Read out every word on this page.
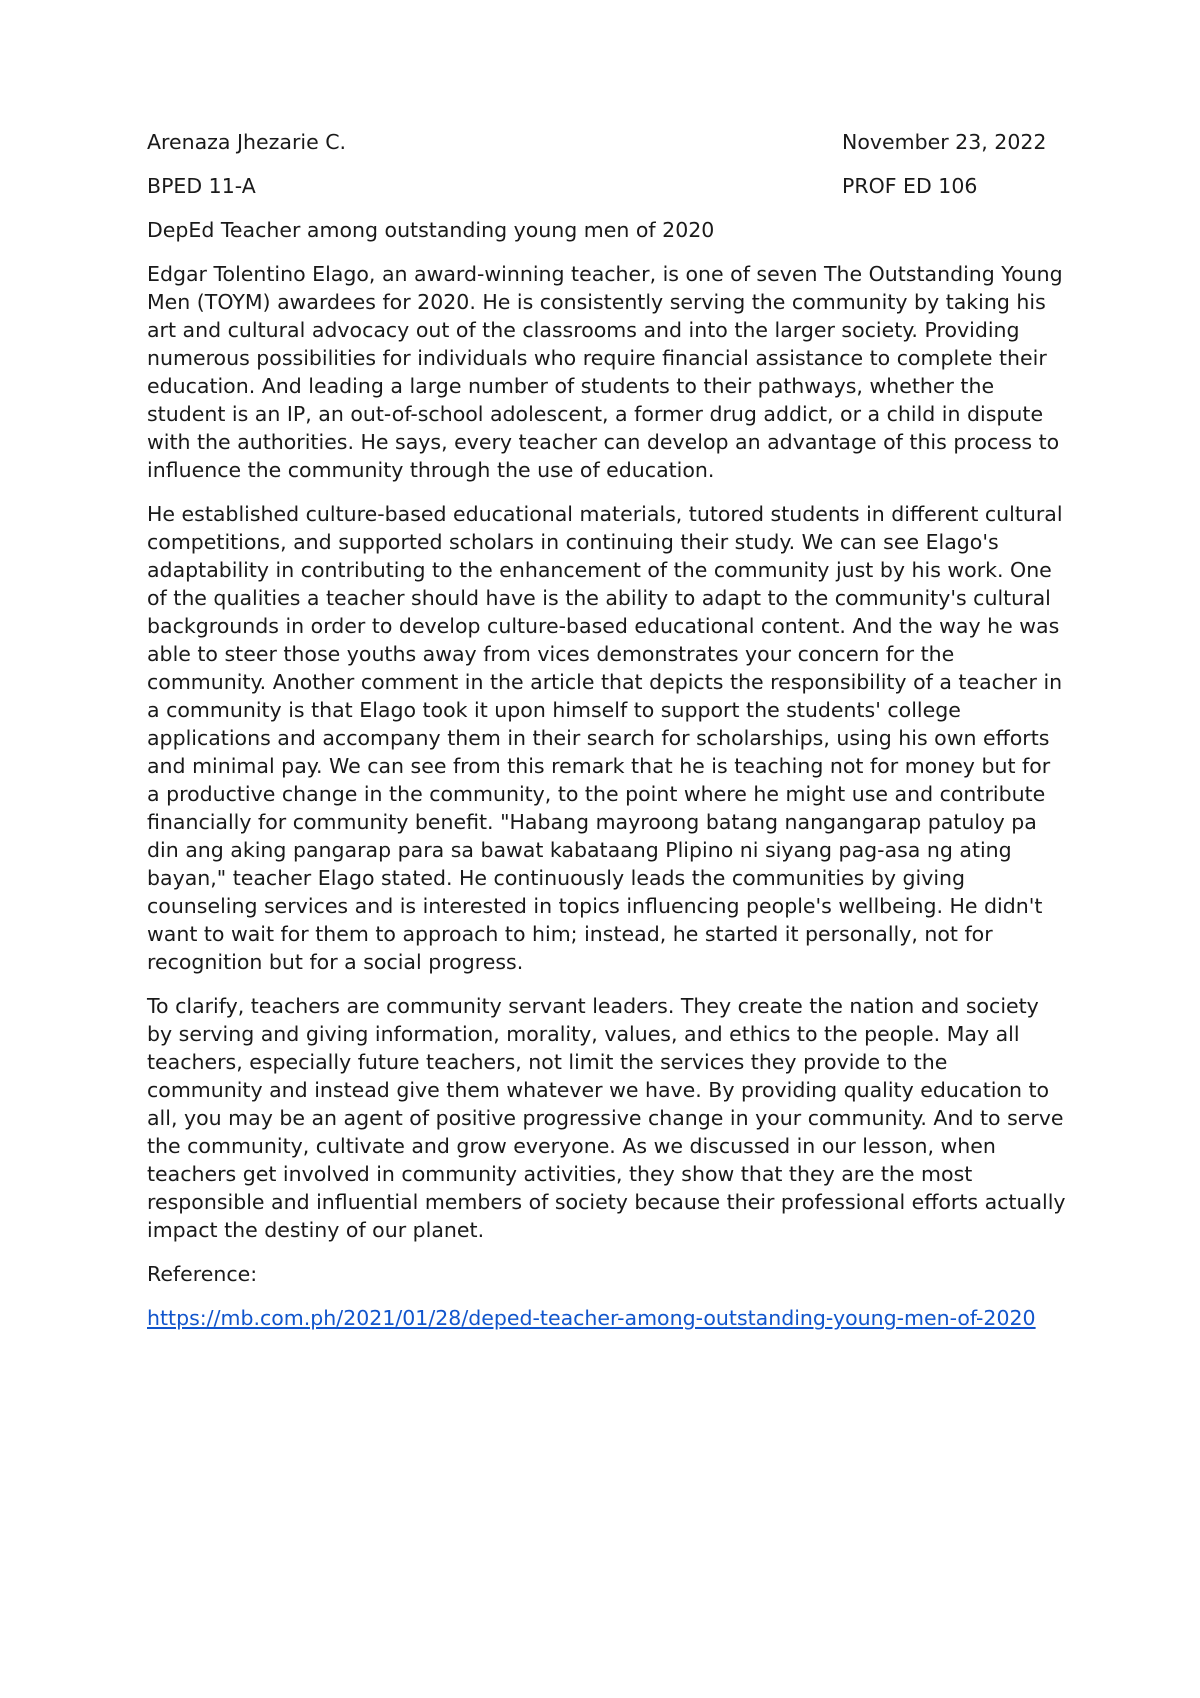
Arenaza Jhezarie C.	November 23, 2022
BPED 11-A	PROF ED 106

DepEd Teacher among outstanding young men of 2020

Edgar Tolentino Elago, an award-winning teacher, is one of seven The Outstanding Young Men (TOYM) awardees for 2020. He is consistently serving the community by taking his art and cultural advocacy out of the classrooms and into the larger society. Providing numerous possibilities for individuals who require financial assistance to complete their education. And leading a large number of students to their pathways, whether the student is an IP, an out-of-school adolescent, a former drug addict, or a child in dispute with the authorities. He says, every teacher can develop an advantage of this process to influence the community through the use of education.

He established culture-based educational materials, tutored students in different cultural competitions, and supported scholars in continuing their study. We can see Elago's adaptability in contributing to the enhancement of the community just by his work. One of the qualities a teacher should have is the ability to adapt to the community's cultural backgrounds in order to develop culture-based educational content. And the way he was able to steer those youths away from vices demonstrates your concern for the community. Another comment in the article that depicts the responsibility of a teacher in a community is that Elago took it upon himself to support the students' college applications and accompany them in their search for scholarships, using his own efforts and minimal pay. We can see from this remark that he is teaching not for money but for a productive change in the community, to the point where he might use and contribute financially for community benefit. "Habang mayroong batang nangangarap patuloy pa din ang aking pangarap para sa bawat kabataang Plipino ni siyang pag-asa ng ating bayan," teacher Elago stated. He continuously leads the communities by giving counseling services and is interested in topics influencing people's wellbeing. He didn't want to wait for them to approach to him; instead, he started it personally, not for recognition but for a social progress.

To clarify, teachers are community servant leaders. They create the nation and society by serving and giving information, morality, values, and ethics to the people. May all teachers, especially future teachers, not limit the services they provide to the community and instead give them whatever we have. By providing quality education to all, you may be an agent of positive progressive change in your community. And to serve the community, cultivate and grow everyone. As we discussed in our lesson, when teachers get involved in community activities, they show that they are the most responsible and influential members of society because their professional efforts actually impact the destiny of our planet.

Reference:

https://mb.com.ph/2021/01/28/deped-teacher-among-outstanding-young-men-of-2020
